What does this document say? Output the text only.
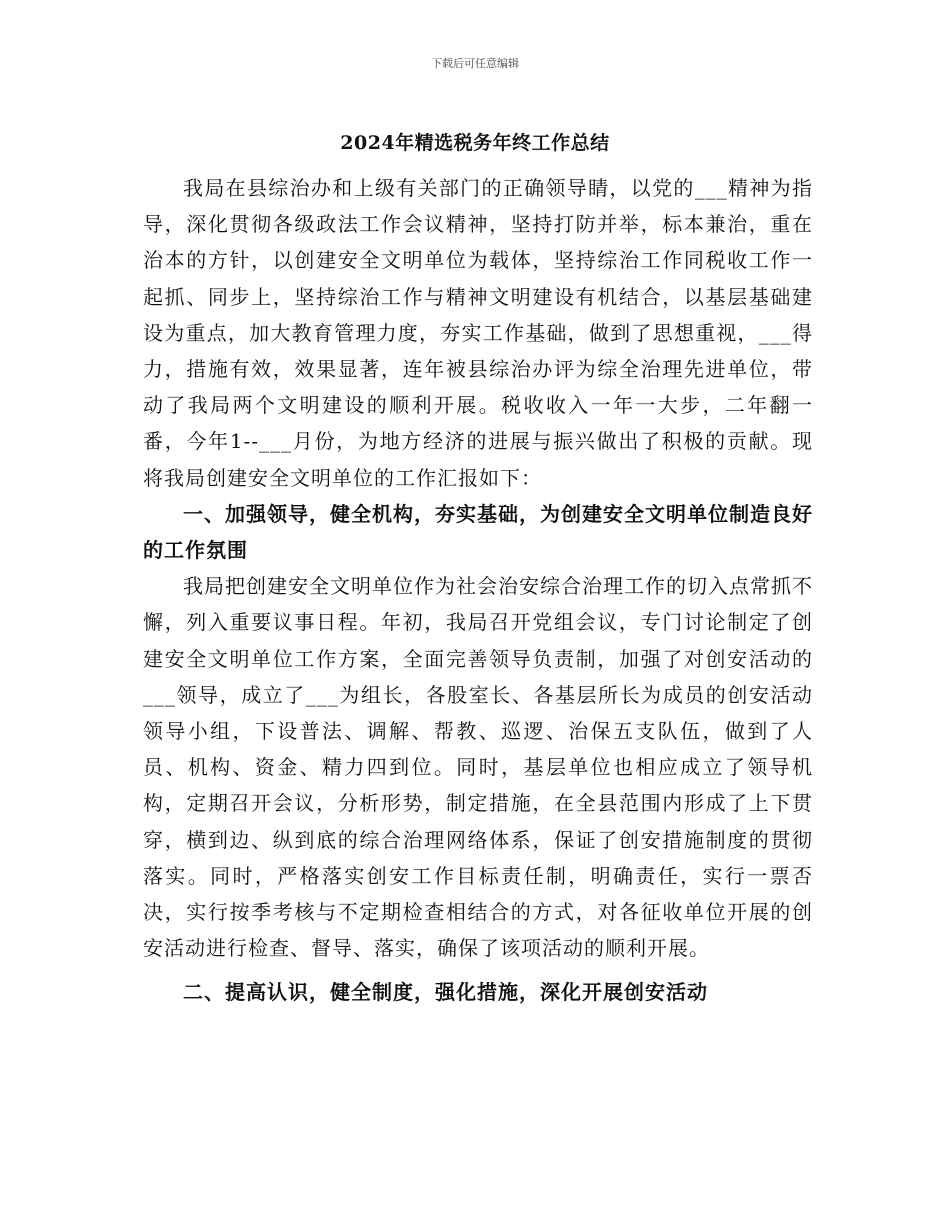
下载后可任意编辑
2024年精选税务年终工作总结

我局在县综治办和上级有关部门的正确领导睛，以党的___精神为指导，深化贯彻各级政法工作会议精神，坚持打防并举，标本兼治，重在治本的方针，以创建安全文明单位为载体，坚持综治工作同税收工作一起抓、同步上，坚持综治工作与精神文明建设有机结合，以基层基础建设为重点，加大教育管理力度，夯实工作基础，做到了思想重视，___得力，措施有效，效果显著，连年被县综治办评为综全治理先进单位，带动了我局两个文明建设的顺利开展。税收收入一年一大步，二年翻一番，今年1--___月份，为地方经济的进展与振兴做出了积极的贡献。现将我局创建安全文明单位的工作汇报如下：

一、加强领导，健全机构，夯实基础，为创建安全文明单位制造良好的工作氛围

我局把创建安全文明单位作为社会治安综合治理工作的切入点常抓不懈，列入重要议事日程。年初，我局召开党组会议，专门讨论制定了创建安全文明单位工作方案，全面完善领导负责制，加强了对创安活动的___领导，成立了___为组长，各股室长、各基层所长为成员的创安活动领导小组，下设普法、调解、帮教、巡逻、治保五支队伍，做到了人员、机构、资金、精力四到位。同时，基层单位也相应成立了领导机构，定期召开会议，分析形势，制定措施，在全县范围内形成了上下贯穿，横到边、纵到底的综合治理网络体系，保证了创安措施制度的贯彻落实。同时，严格落实创安工作目标责任制，明确责任，实行一票否决，实行按季考核与不定期检查相结合的方式，对各征收单位开展的创安活动进行检查、督导、落实，确保了该项活动的顺利开展。

二、提高认识，健全制度，强化措施，深化开展创安活动
